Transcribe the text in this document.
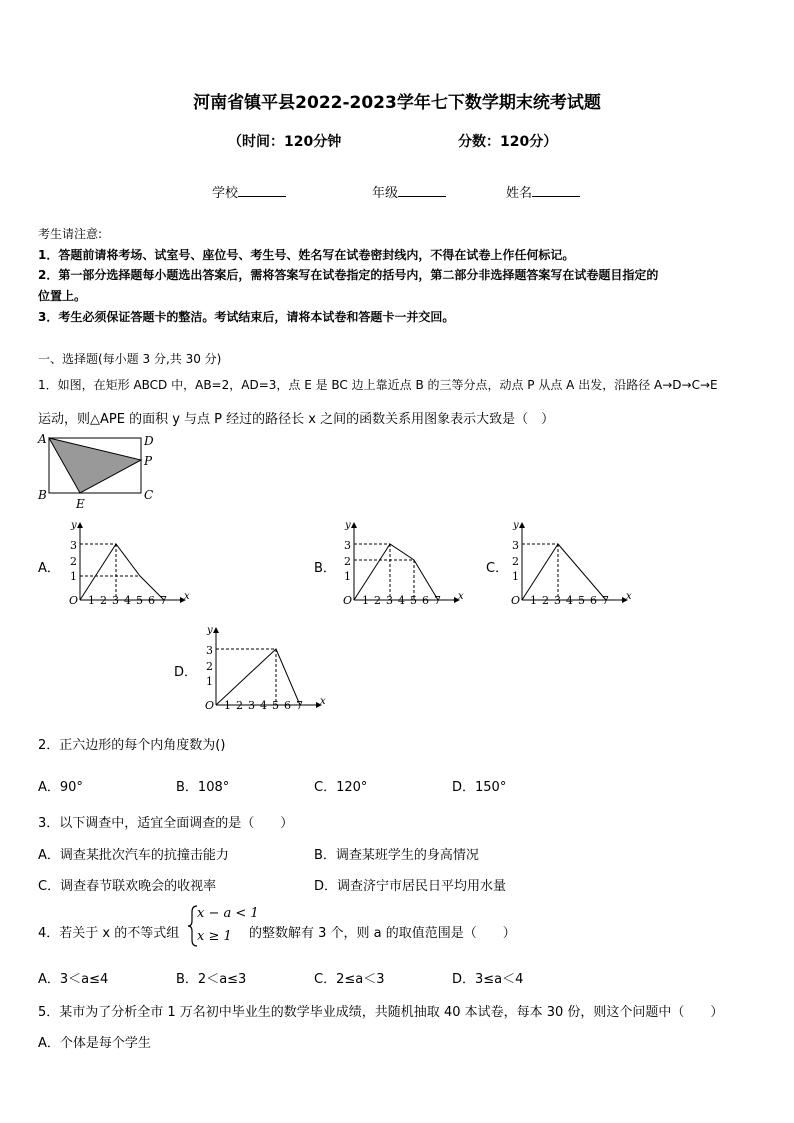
河南省镇平县2022-2023学年七下数学期末统考试题
（时间：120分钟	分数：120分）
学校	年级	姓名
考生请注意:
1．答题前请将考场、试室号、座位号、考生号、姓名写在试卷密封线内，不得在试卷上作任何标记。
2．第一部分选择题每小题选出答案后，需将答案写在试卷指定的括号内，第二部分非选择题答案写在试卷题目指定的
位置上。
3．考生必须保证答题卡的整洁。考试结束后，请将本试卷和答题卡一并交回。
一、选择题(每小题 3 分,共 30 分)
1．如图，在矩形 ABCD 中，AB=2，AD=3，点 E 是 BC 边上靠近点 B 的三等分点，动点 P 从点 A 出发，沿路径 A→D→C→E
运动，则△APE 的面积 y 与点 P 经过的路径长 x 之间的函数关系用图象表示大致是（　）
A	D
P
B	C
E
A．	B．	C．
D．
y
x
O 1 2 3 4 5 6 7
1
2
3
y
x
O 1 2 3 4 5 6 7
1
2
3
y
x
O 1 2 3 4 5 6 7
1
2
3
y
x
O 1 2 3 4 5 6 7
1
2
3
2．正六边形的每个内角度数为()
A．90°	B．108°	C．120°	D．150°
3．以下调查中，适宜全面调查的是（　　）
A．调查某批次汽车的抗撞击能力	B．调查某班学生的身高情况
C．调查春节联欢晚会的收视率	D．调查济宁市居民日平均用水量
4．若关于 x 的不等式组
x − a < 1
x ≥ 1 的整数解有 3 个，则 a 的取值范围是（　　）
A．3＜a≤4	B．2＜a≤3	C．2≤a＜3	D．3≤a＜4
5．某市为了分析全市 1 万名初中毕业生的数学毕业成绩，共随机抽取 40 本试卷，每本 30 份，则这个问题中（　　）
A．个体是每个学生
